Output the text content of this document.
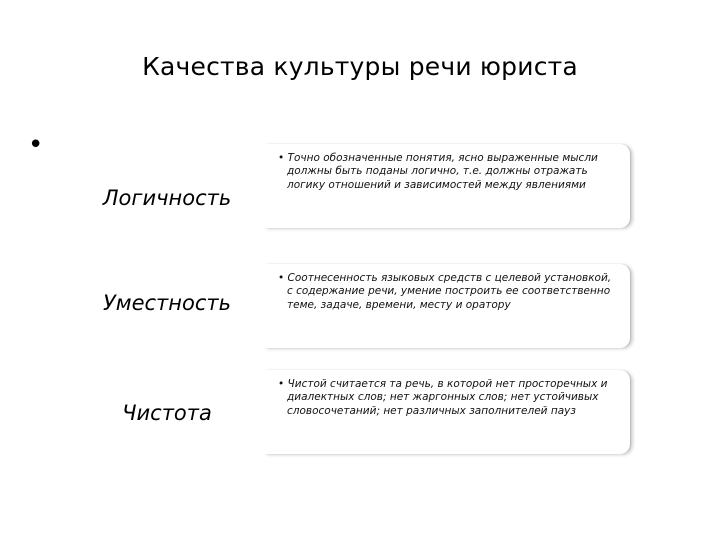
Качества культуры речи юриста
•
Логичность

• Точно обозначенные понятия, ясно выраженные мысли должны быть поданы логично, т.е. должны отражать логику отношений и зависимостей между явлениями

Уместность

• Соотнесенность языковых средств с целевой установкой, с содержание речи, умение построить ее соответственно теме, задаче, времени, месту и оратору

Чистота

• Чистой считается та речь, в которой нет просторечных и диалектных слов; нет жаргонных слов; нет устойчивых словосочетаний; нет различных заполнителей пауз
